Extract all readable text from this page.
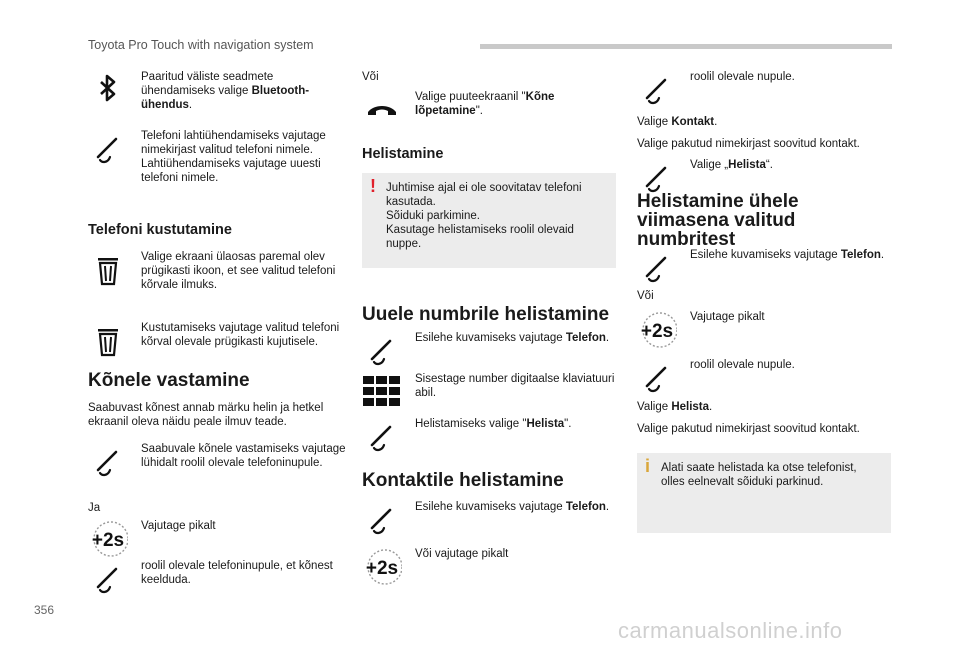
Toyota Pro Touch with navigation system
Paaritud väliste seadmete ühendamiseks valige Bluetooth-ühendus.
Telefoni lahtiühendamiseks vajutage nimekirjast valitud telefoni nimele. Lahtiühendamiseks vajutage uuesti telefoni nimele.
Telefoni kustutamine
Valige ekraani ülaosas paremal olev prügikasti ikoon, et see valitud telefoni kõrvale ilmuks.
Kustutamiseks vajutage valitud telefoni kõrval olevale prügikasti kujutisele.
Kõnele vastamine
Saabuvast kõnest annab märku helin ja hetkel ekraanil oleva näidu peale ilmuv teade.
Saabuvale kõnele vastamiseks vajutage lühidalt roolil olevale telefoninupule.
Ja
+2s
Vajutage pikalt
roolil olevale telefoninupule, et kõnest keelduda.
Või
Valige puuteekraanil "Kõne lõpetamine".
Helistamine
! Juhtimise ajal ei ole soovitatav telefoni kasutada.
Sõiduki parkimine.
Kasutage helistamiseks roolil olevaid nuppe.
Uuele numbrile helistamine
Esilehe kuvamiseks vajutage Telefon.
Sisestage number digitaalse klaviatuuri abil.
Helistamiseks valige "Helista".
Kontaktile helistamine
Esilehe kuvamiseks vajutage Telefon.
+2s
Või vajutage pikalt
roolil olevale nupule.
Valige Kontakt.
Valige pakutud nimekirjast soovitud kontakt.
Valige „Helista“.
Helistamine ühele viimasena valitud numbritest
Esilehe kuvamiseks vajutage Telefon.
Või
+2s
Vajutage pikalt
roolil olevale nupule.
Valige Helista.
Valige pakutud nimekirjast soovitud kontakt.
i Alati saate helistada ka otse telefonist, olles eelnevalt sõiduki parkinud.
356
carmanualsonline.info
